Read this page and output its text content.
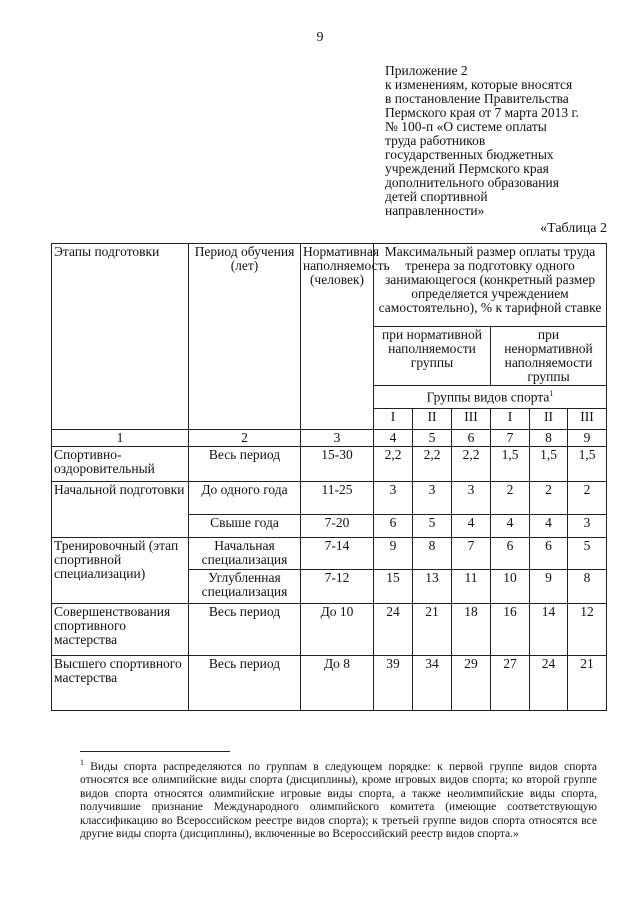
9
Приложение 2
к изменениям, которые вносятся
в постановление Правительства
Пермского края от 7 марта 2013 г.
№ 100-п «О системе оплаты
труда работников
государственных бюджетных
учреждений Пермского края
дополнительного образования
детей спортивной
направленности»
«Таблица 2
Этапы подготовки	Период обучения (лет)	Нормативная наполняемость (человек)	Максимальный размер оплаты труда тренера за подготовку одного занимающегося (конкретный размер определяется учреждением самостоятельно), % к тарифной ставке					
			при нормативной наполняемости группы			при ненормативной наполняемости группы		
			Группы видов спорта$^1$
			I	II	III	I	II	III
1	2	3	4	5	6	7	8	9
Спортивно-оздоровительный	Весь период	15-30	2,2	2,2	2,2	1,5	1,5	1,5
Начальной подготовки	До одного года	11-25	3	3	3	2	2	2
	Свыше года	7-20	6	5	4	4	4	3
Тренировочный (этап спортивной специализации)	Начальная специализация	7-14	9	8	7	6	6	5
	Углубленная специализация	7-12	15	13	11	10	9	8
Совершенствования спортивного мастерства	Весь период	До 10	24	21	18	16	14	12
Высшего спортивного мастерства	Весь период	До 8	39	34	29	27	24	21
$^1$ Виды спорта распределяются по группам в следующем порядке: к первой группе видов спорта относятся все олимпийские виды спорта (дисциплины), кроме игровых видов спорта; ко второй группе видов спорта относятся олимпийские игровые виды спорта, а также неолимпийские виды спорта, получившие признание Международного олимпийского комитета (имеющие соответствующую классификацию во Всероссийском реестре видов спорта); к третьей группе видов спорта относятся все другие виды спорта (дисциплины), включенные во Всероссийский реестр видов спорта.»
